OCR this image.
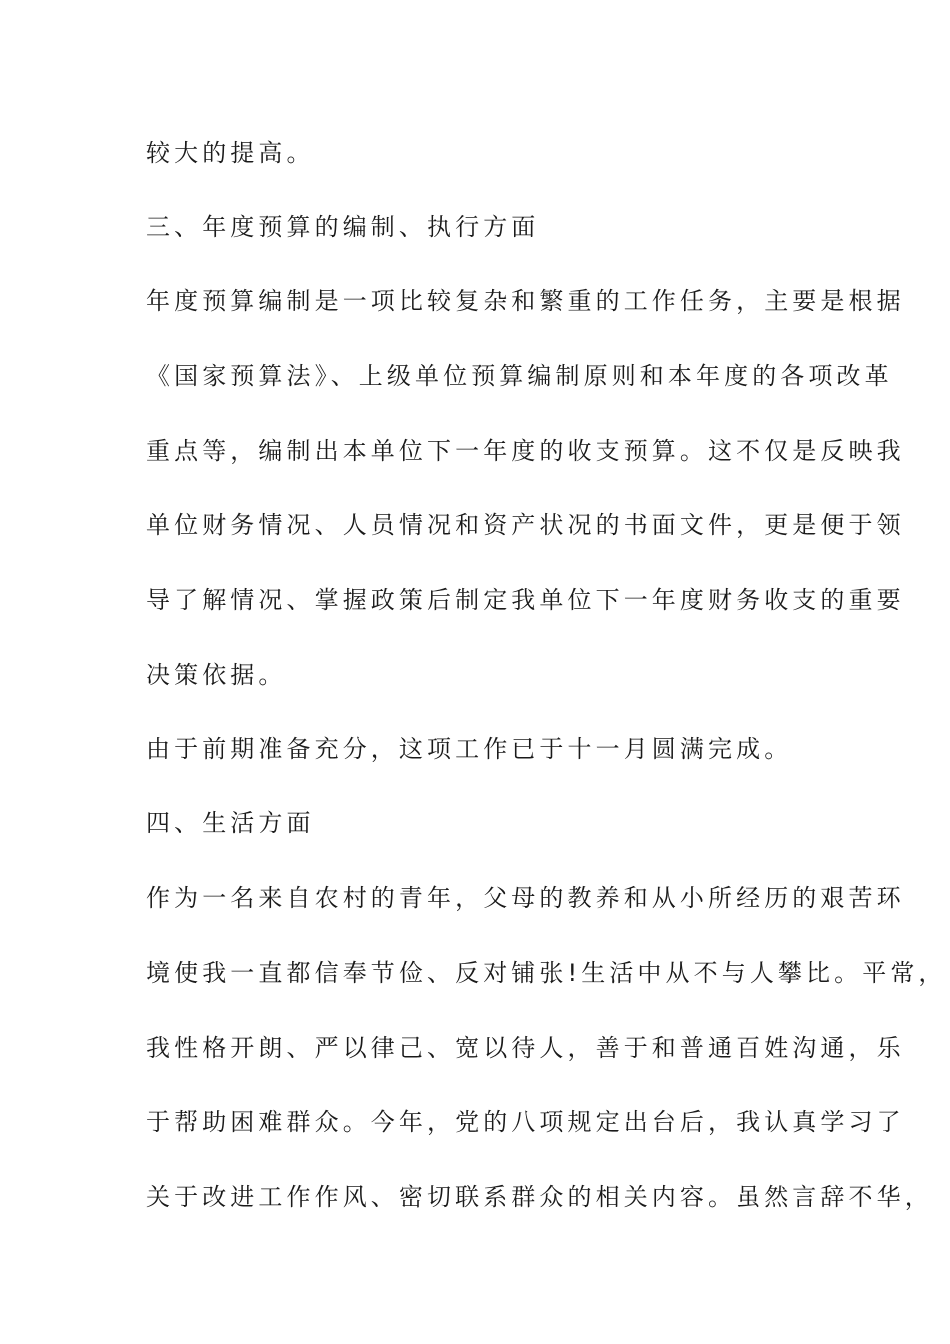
较大的提高。

三、年度预算的编制、执行方面

年度预算编制是一项比较复杂和繁重的工作任务，主要是根据

《国家预算法》、上级单位预算编制原则和本年度的各项改革

重点等，编制出本单位下一年度的收支预算。这不仅是反映我

单位财务情况、人员情况和资产状况的书面文件，更是便于领

导了解情况、掌握政策后制定我单位下一年度财务收支的重要

决策依据。

由于前期准备充分，这项工作已于十一月圆满完成。

四、生活方面

作为一名来自农村的青年，父母的教养和从小所经历的艰苦环

境使我一直都信奉节俭、反对铺张!生活中从不与人攀比。平常，

我性格开朗、严以律己、宽以待人，善于和普通百姓沟通，乐

于帮助困难群众。今年，党的八项规定出台后，我认真学习了

关于改进工作作风、密切联系群众的相关内容。虽然言辞不华，
